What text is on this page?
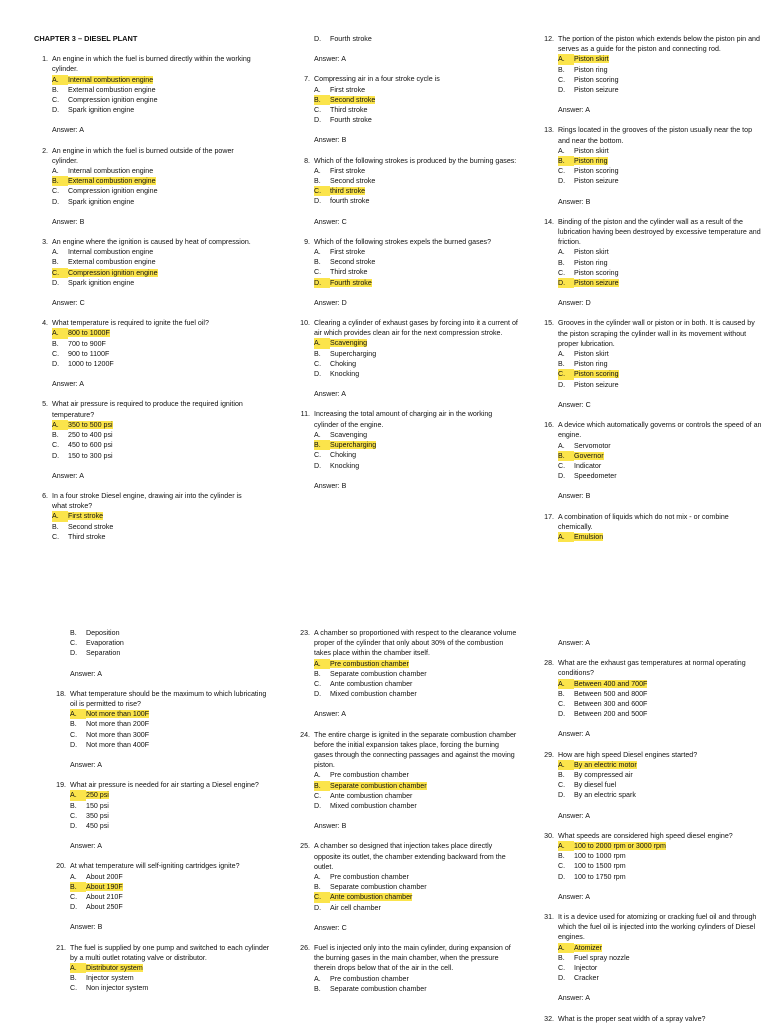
CHAPTER 3 – DIESEL PLANT
1. An engine in which the fuel is burned directly within the working cylinder.
A. Internal combustion engine
B. External combustion engine
C. Compression ignition engine
D. Spark ignition engine
Answer: A
2. An engine in which the fuel is burned outside of the power cylinder.
A. Internal combustion engine
B. External combustion engine
C. Compression ignition engine
D. Spark ignition engine
Answer: B
3. An engine where the ignition is caused by heat of compression.
A. Internal combustion engine
B. External combustion engine
C. Compression ignition engine
D. Spark ignition engine
Answer: C
4. What temperature is required to ignite the fuel oil?
A. 800 to 1000F
B. 700 to 900F
C. 900 to 1100F
D. 1000 to 1200F
Answer: A
5. What air pressure is required to produce the required ignition temperature?
A. 350 to 500 psi
B. 250 to 400 psi
C. 450 to 600 psi
D. 150 to 300 psi
Answer: A
6. In a four stroke Diesel engine, drawing air into the cylinder is what stroke?
A. First stroke
B. Second stroke
C. Third stroke
D. Fourth stroke
Answer: A
7. Compressing air in a four stroke cycle is
A. First stroke
B. Second stroke
C. Third stroke
D. Fourth stroke
Answer: B
8. Which of the following strokes is produced by the burning gases:
A. First stroke
B. Second stroke
C. third stroke
D. fourth stroke
Answer: C
9. Which of the following strokes expels the burned gases?
A. First stroke
B. Second stroke
C. Third stroke
D. Fourth stroke
Answer: D
10. Clearing a cylinder of exhaust gases by forcing into it a current of air which provides clean air for the next compression stroke.
A. Scavenging
B. Supercharging
C. Choking
D. Knocking
Answer: A
11. Increasing the total amount of charging air in the working cylinder of the engine.
A. Scavenging
B. Supercharging
C. Choking
D. Knocking
Answer: B
12. The portion of the piston which extends below the piston pin and serves as a guide for the piston and connecting rod.
A. Piston skirt
B. Piston ring
C. Piston scoring
D. Piston seizure
Answer: A
13. Rings located in the grooves of the piston usually near the top and near the bottom.
A. Piston skirt
B. Piston ring
C. Piston scoring
D. Piston seizure
Answer: B
14. Binding of the piston and the cylinder wall as a result of the lubrication having been destroyed by excessive temperature and friction.
A. Piston skirt
B. Piston ring
C. Piston scoring
D. Piston seizure
Answer: D
15. Grooves in the cylinder wall or piston or in both. It is caused by the piston scraping the cylinder wall in its movement without proper lubrication.
A. Piston skirt
B. Piston ring
C. Piston scoring
D. Piston seizure
Answer: C
16. A device which automatically governs or controls the speed of an engine.
A. Servomotor
B. Governor
C. Indicator
D. Speedometer
Answer: B
17. A combination of liquids which do not mix - or combine chemically.
A. Emulsion
B. Deposition
C. Evaporation
D. Separation
Answer: A
18. What temperature should be the maximum to which lubricating oil is permitted to rise?
A. Not more than 100F
B. Not more than 200F
C. Not more than 300F
D. Not more than 400F
Answer: A
19. What air pressure is needed for air starting a Diesel engine?
A. 250 psi
B. 150 psi
C. 350 psi
D. 450 psi
Answer: A
20. At what temperature will self-igniting cartridges ignite?
A. About 200F
B. About 190F
C. About 210F
D. About 250F
Answer: B
21. The fuel is supplied by one pump and switched to each cylinder by a multi outlet rotating valve or distributor.
A. Distributor system
B. Injector system
C. Non injector system
23. A chamber so proportioned with respect to the clearance volume proper of the cylinder that only about 30% of the combustion takes place within the chamber itself.
A. Pre combustion chamber
B. Separate combustion chamber
C. Ante combustion chamber
D. Mixed combustion chamber
Answer: A
24. The entire charge is ignited in the separate combustion chamber before the initial expansion takes place, forcing the burning gases through the connecting passages and against the moving piston.
A. Pre combustion chamber
B. Separate combustion chamber
C. Ante combustion chamber
D. Mixed combustion chamber
Answer: B
25. A chamber so designed that injection takes place directly opposite its outlet, the chamber extending backward from the outlet.
A. Pre combustion chamber
B. Separate combustion chamber
C. Ante combustion chamber
D. Air cell chamber
Answer: C
26. Fuel is injected only into the main cylinder, during expansion of the burning gases in the main chamber, when the pressure therein drops below that of the air in the cell.
A. Pre combustion chamber
B. Separate combustion chamber
Answer: A
28. What are the exhaust gas temperatures at normal operating conditions?
A. Between 400 and 700F
B. Between 500 and 800F
C. Between 300 and 600F
D. Between 200 and 500F
Answer: A
29. How are high speed Diesel engines started?
A. By an electric motor
B. By compressed air
C. By diesel fuel
D. By an electric spark
Answer: A
30. What speeds are considered high speed diesel engine?
A. 100 to 2000 rpm or 3000 rpm
B. 100 to 1000 rpm
C. 100 to 1500 rpm
D. 100 to 1750 rpm
Answer: A
31. It is a device used for atomizing or cracking fuel oil and through which the fuel oil is injected into the working cylinders of Diesel engines.
A. Atomizer
B. Fuel spray nozzle
C. Injector
D. Cracker
Answer: A
32. What is the proper seat width of a spray valve?
